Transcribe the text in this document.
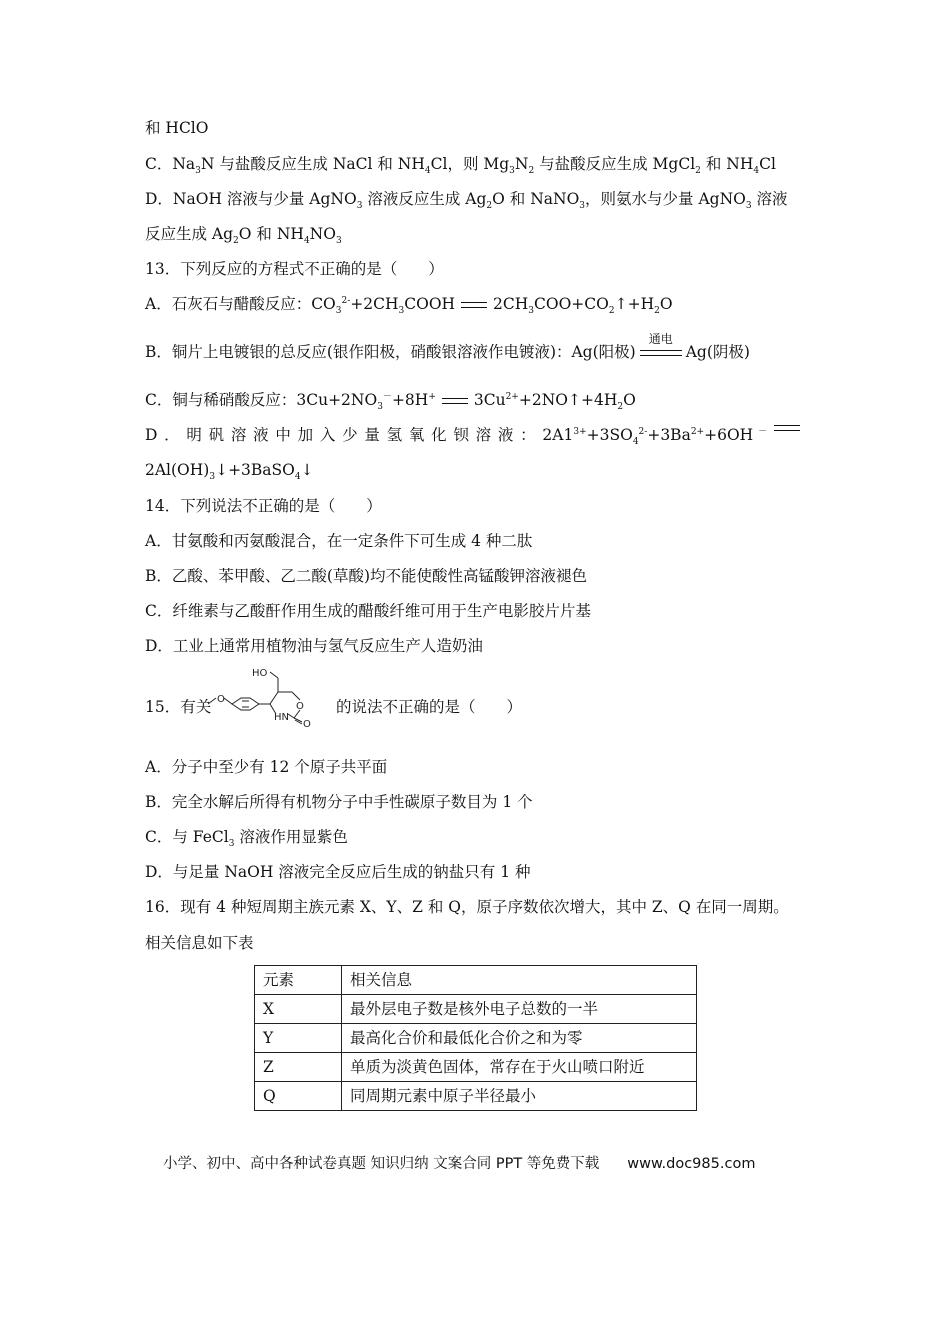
和 HClO
C．$Na_3N$ 与盐酸反应生成 NaCl 和 $NH_4Cl$，则 $Mg_3N_2$ 与盐酸反应生成 MgCl$_2$ 和 $NH_4Cl$
D．NaOH 溶液与少量 AgNO$_3$ 溶液反应生成 $Ag_2O$ 和 NaNO$_3$，则氨水与少量 AgNO$_3$ 溶液
反应生成 $Ag_2O$ 和 $NH_4NO_3$
13．下列反应的方程式不正确的是（　　）
A．石灰石与醋酸反应：$CO_3^{2-}+2CH_3COOH$ $2CH_3COO+CO_2↑+H_2O$
B．铜片上电镀银的总反应(银作阳极，硝酸银溶液作电镀液)：Ag(阳极)
通电
Ag(阴极)
C．铜与稀硝酸反应：$3Cu+2NO_3^-+8H^+$ $3Cu^{2+}+2NO↑+4H_2O$
D ． 明 矾 溶 液 中 加 入 少 量 氢 氧 化 钡 溶 液 ： $2A1^{3+}+3SO_4^{2-}+3Ba^{2+}+6OH$ －
$2Al(OH)_3↓+3BaSO_4↓$
14．下列说法不正确的是（　　）
A．甘氨酸和丙氨酸混合，在一定条件下可生成 4 种二肽
B．乙酸、苯甲酸、乙二酸(草酸)均不能使酸性高锰酸钾溶液褪色
C．纤维素与乙酸酐作用生成的醋酸纤维可用于生产电影胶片片基
D．工业上通常用植物油与氢气反应生产人造奶油
15．有关 O
HO
O
HN
O
的说法不正确的是（　　）
A．分子中至少有 12 个原子共平面
B．完全水解后所得有机物分子中手性碳原子数目为 1 个
C．与 FeCl$_3$ 溶液作用显紫色
D．与足量 NaOH 溶液完全反应后生成的钠盐只有 1 种
16．现有 4 种短周期主族元素 X、Y、Z 和 Q，原子序数依次增大，其中 Z、Q 在同一周期。
相关信息如下表
元素	相关信息
X	最外层电子数是核外电子总数的一半
Y	最高化合价和最低化合价之和为零
Z	单质为淡黄色固体，常存在于火山喷口附近
Q	同周期元素中原子半径最小
小学、初中、高中各种试卷真题 知识归纳 文案合同 PPT 等免费下载 www.doc985.com
